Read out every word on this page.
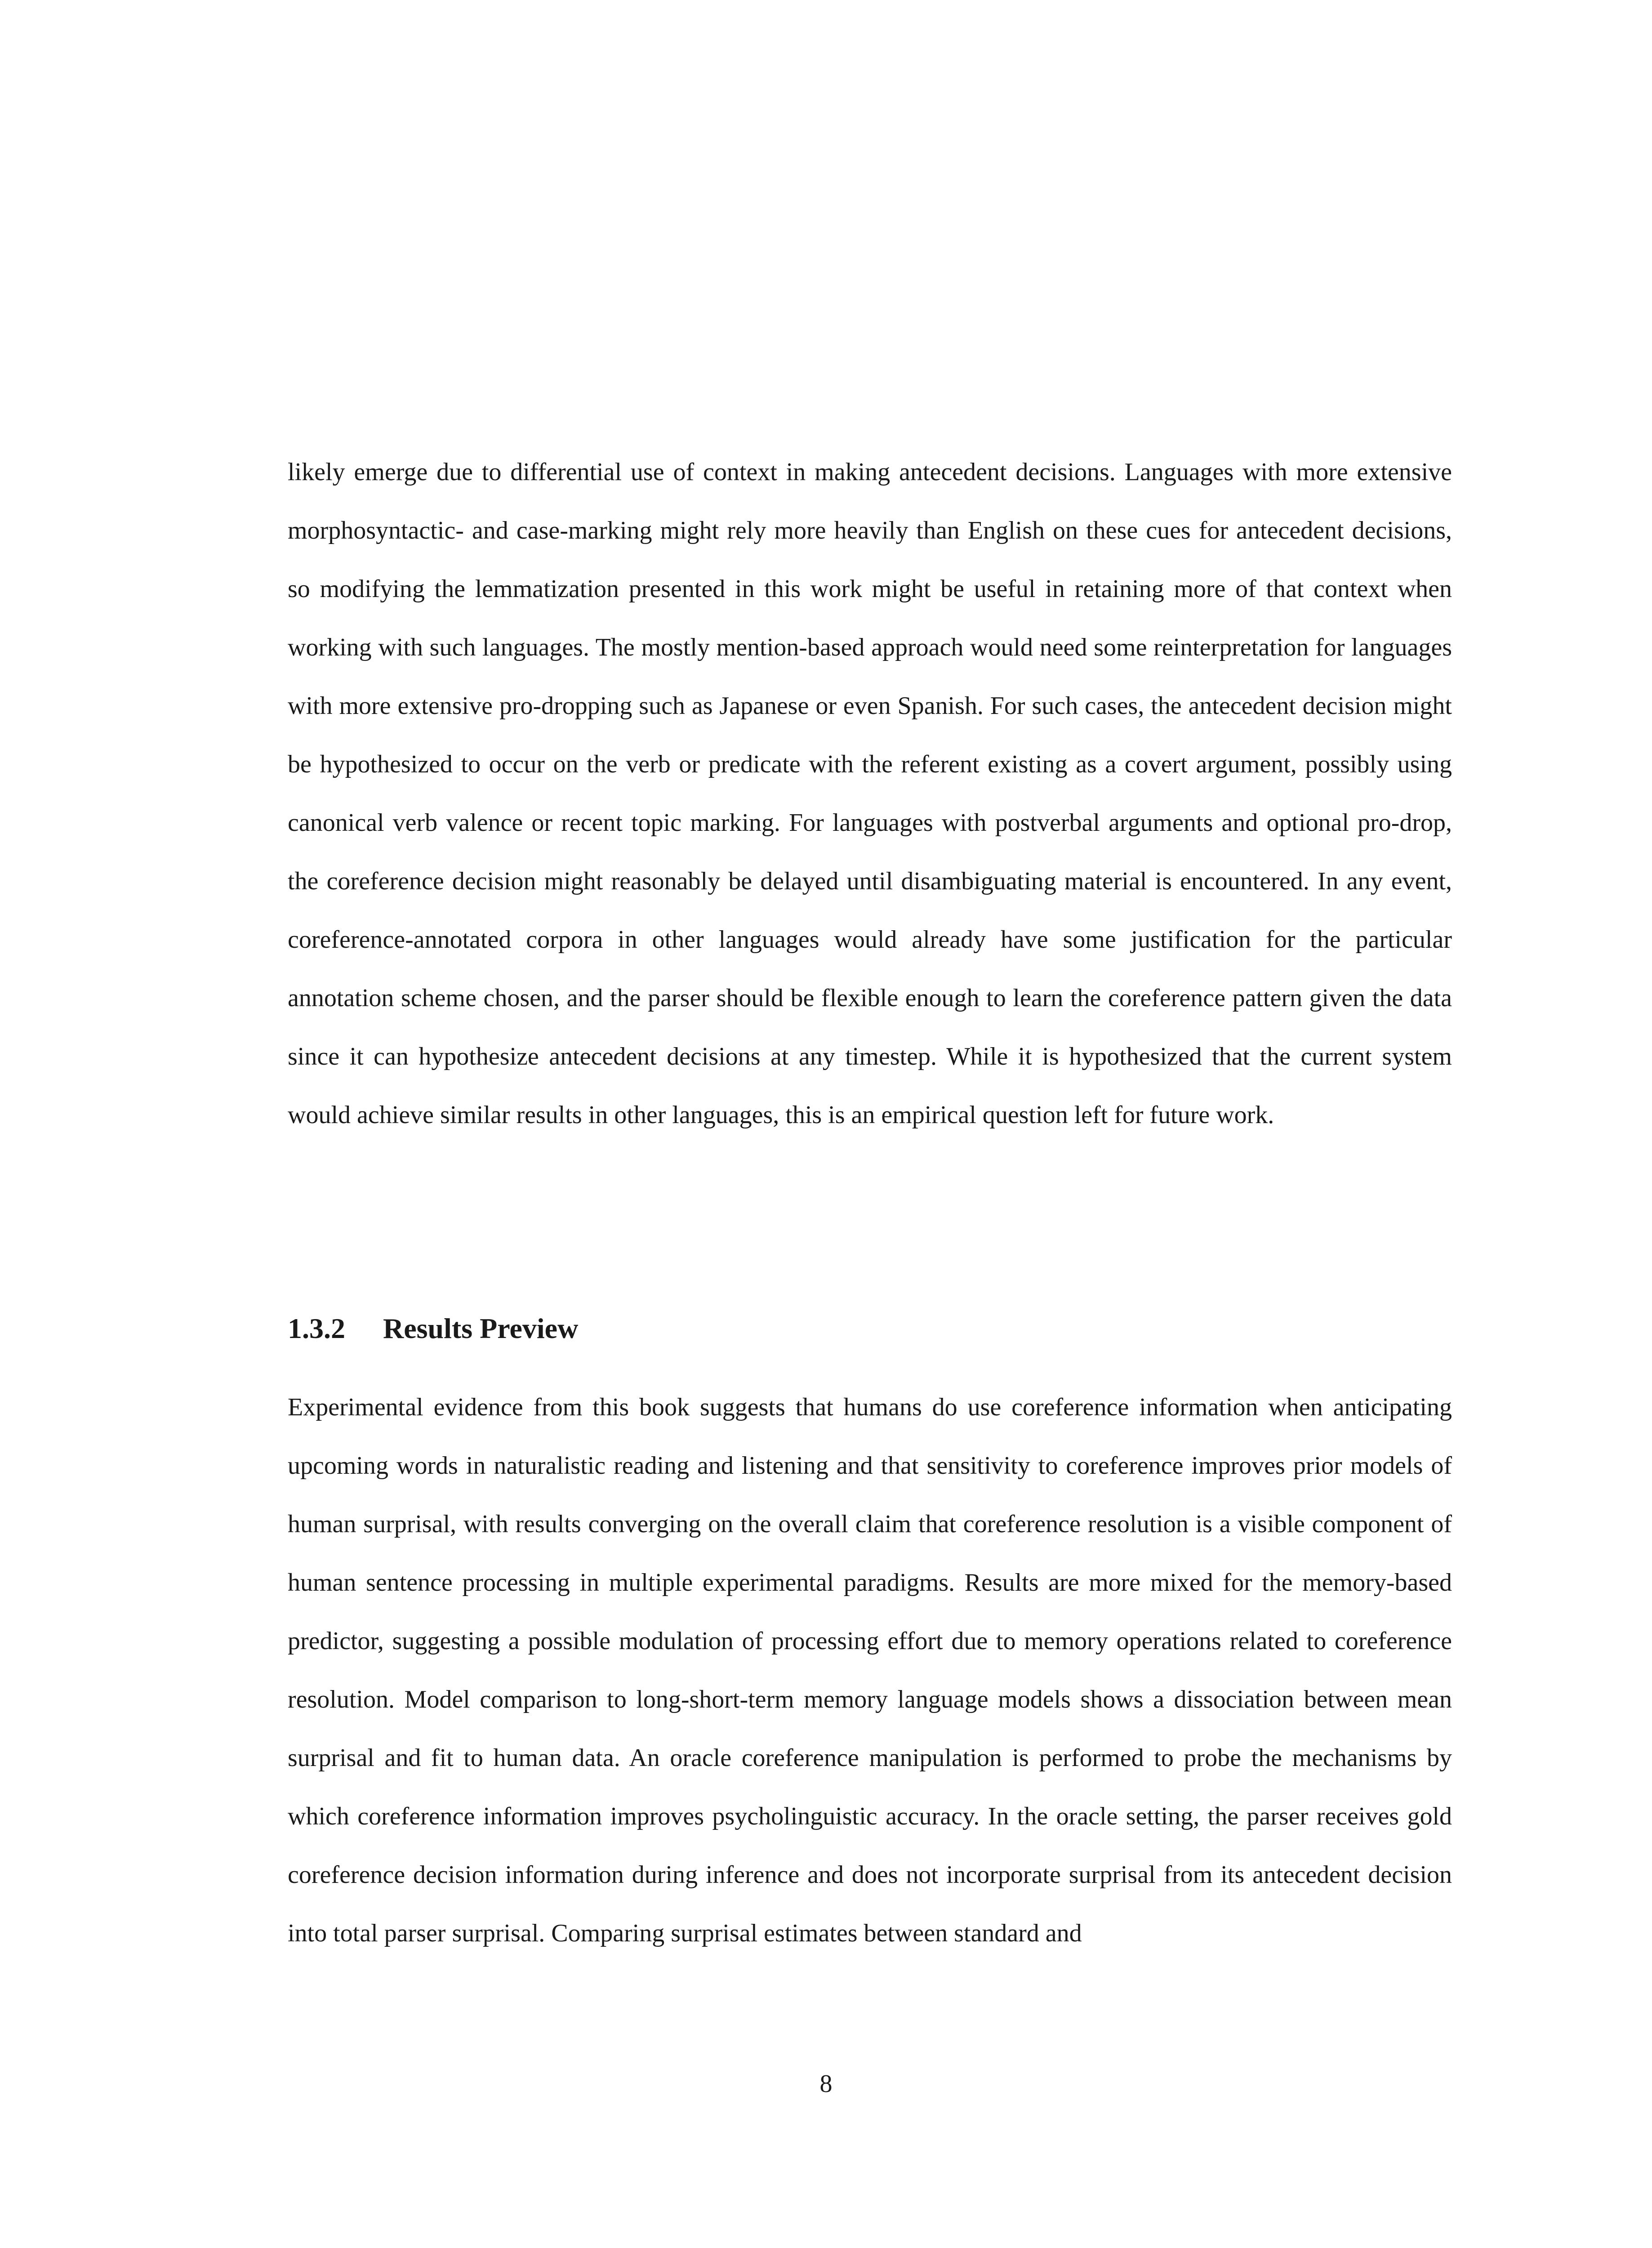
likely emerge due to differential use of context in making antecedent decisions. Languages with more extensive morphosyntactic- and case-marking might rely more heavily than English on these cues for antecedent decisions, so modifying the lemmatization presented in this work might be useful in retaining more of that context when working with such languages. The mostly mention-based approach would need some reinterpretation for languages with more extensive pro-dropping such as Japanese or even Spanish. For such cases, the antecedent decision might be hypothesized to occur on the verb or predicate with the referent existing as a covert argument, possibly using canonical verb valence or recent topic marking. For languages with postverbal arguments and optional pro-drop, the coreference decision might reasonably be delayed until disambiguating material is encountered. In any event, coreference-annotated corpora in other languages would already have some justification for the particular annotation scheme chosen, and the parser should be flexible enough to learn the coreference pattern given the data since it can hypothesize antecedent decisions at any timestep. While it is hypothesized that the current system would achieve similar results in other languages, this is an empirical question left for future work.

1.3.2 Results Preview

Experimental evidence from this book suggests that humans do use coreference information when anticipating upcoming words in naturalistic reading and listening and that sensitivity to coreference improves prior models of human surprisal, with results converging on the overall claim that coreference resolution is a visible component of human sentence processing in multiple experimental paradigms. Results are more mixed for the memory-based predictor, suggesting a possible modulation of processing effort due to memory operations related to coreference resolution. Model comparison to long-short-term memory language models shows a dissociation between mean surprisal and fit to human data. An oracle coreference manipulation is performed to probe the mechanisms by which coreference information improves psycholinguistic accuracy. In the oracle setting, the parser receives gold coreference decision information during inference and does not incorporate surprisal from its antecedent decision into total parser surprisal. Comparing surprisal estimates between standard and

8
